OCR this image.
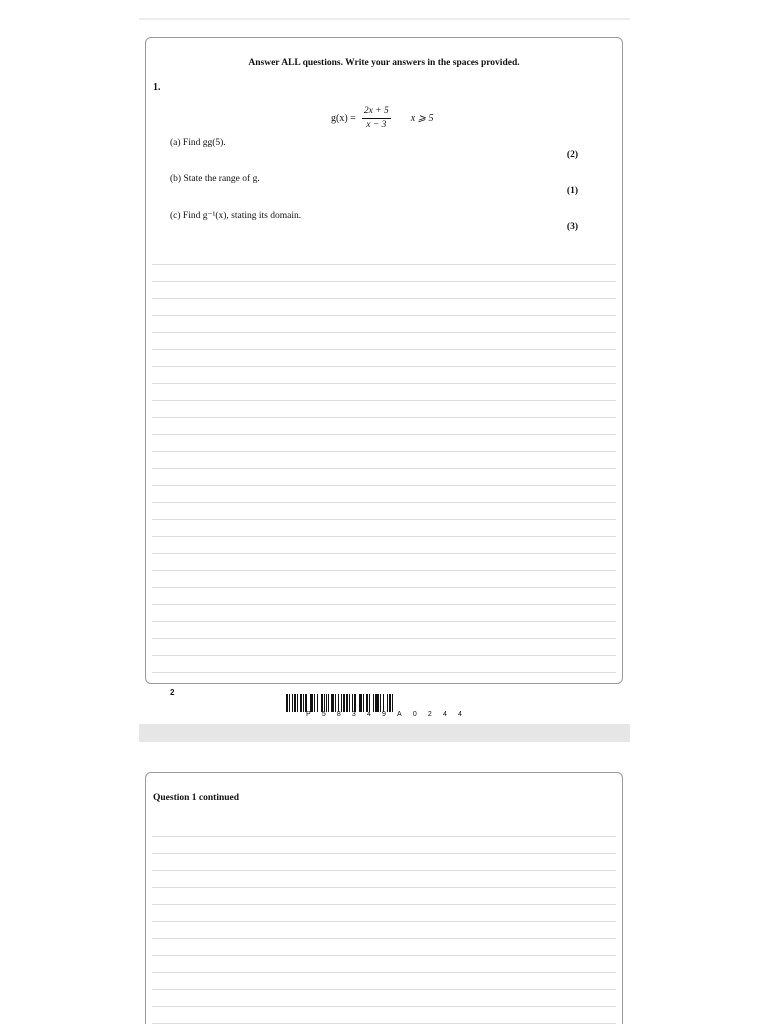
Answer ALL questions. Write your answers in the spaces provided.
1.
$g(x) = \frac{2x + 5}{x - 3}$ x ⩾ 5
(a) Find gg(5).
(2)
(b) State the range of g.
(1)
(c) Find g⁻¹(x), stating its domain.
(3)
2
P 5 8 3 4 9 A 0 2 4 4
Question 1 continued
